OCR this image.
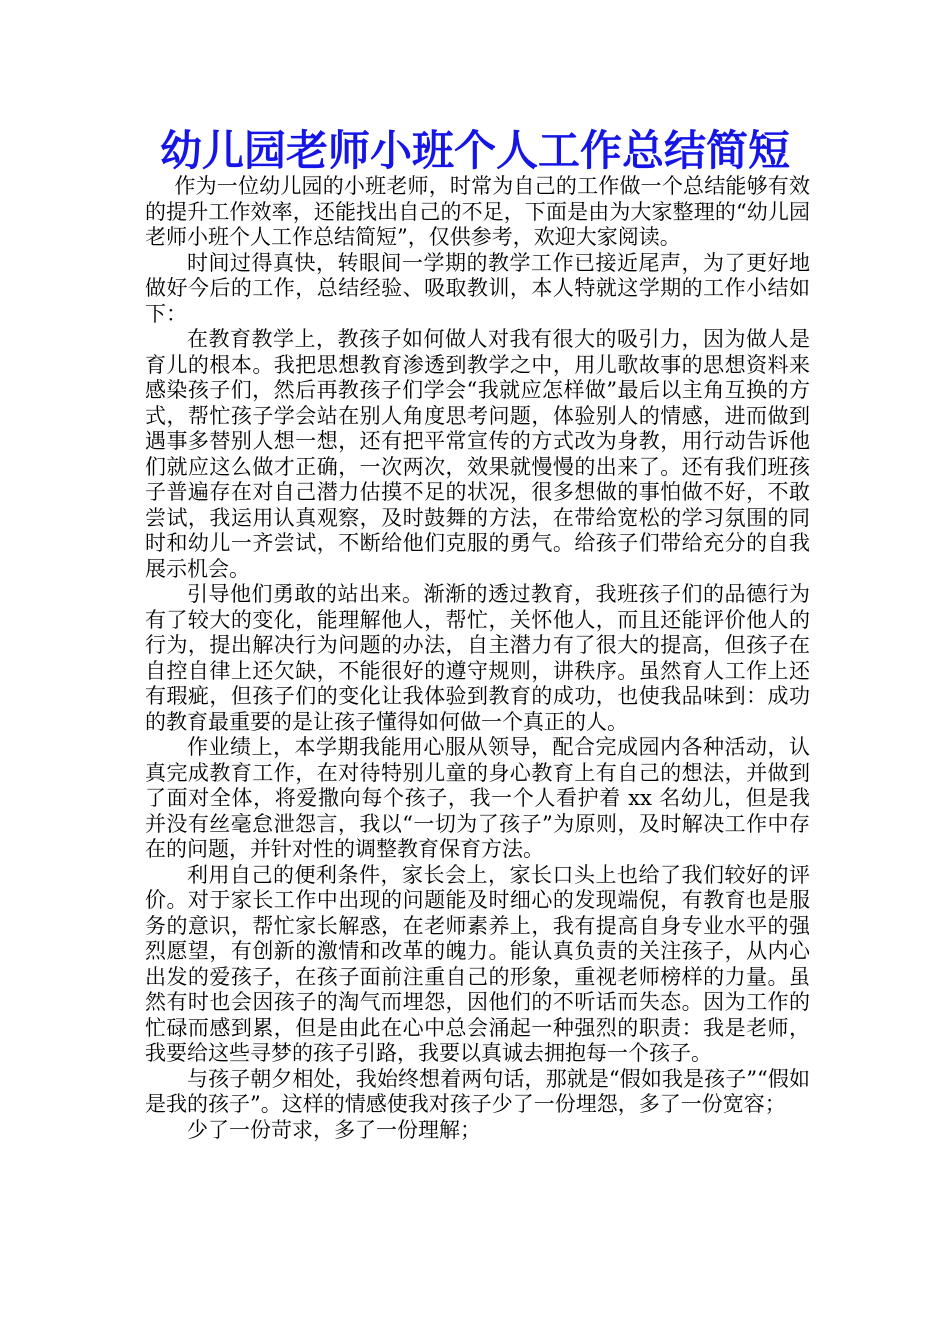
幼儿园老师小班个人工作总结简短

作为一位幼儿园的小班老师，时常为自己的工作做一个总结能够有效的提升工作效率，还能找出自己的不足，下面是由为大家整理的“幼儿园老师小班个人工作总结简短”，仅供参考，欢迎大家阅读。

时间过得真快，转眼间一学期的教学工作已接近尾声，为了更好地做好今后的工作，总结经验、吸取教训，本人特就这学期的工作小结如下：

在教育教学上，教孩子如何做人对我有很大的吸引力，因为做人是育儿的根本。我把思想教育渗透到教学之中，用儿歌故事的思想资料来感染孩子们，然后再教孩子们学会“我就应怎样做”最后以主角互换的方式，帮忙孩子学会站在别人角度思考问题，体验别人的情感，进而做到遇事多替别人想一想，还有把平常宣传的方式改为身教，用行动告诉他们就应这么做才正确，一次两次，效果就慢慢的出来了。还有我们班孩子普遍存在对自己潜力估摸不足的状况，很多想做的事怕做不好，不敢尝试，我运用认真观察，及时鼓舞的方法，在带给宽松的学习氛围的同时和幼儿一齐尝试，不断给他们克服的勇气。给孩子们带给充分的自我展示机会。

引导他们勇敢的站出来。渐渐的透过教育，我班孩子们的品德行为有了较大的变化，能理解他人，帮忙，关怀他人，而且还能评价他人的行为，提出解决行为问题的办法，自主潜力有了很大的提高，但孩子在自控自律上还欠缺，不能很好的遵守规则，讲秩序。虽然育人工作上还有瑕疵，但孩子们的变化让我体验到教育的成功，也使我品味到：成功的教育最重要的是让孩子懂得如何做一个真正的人。

作业绩上，本学期我能用心服从领导，配合完成园内各种活动，认真完成教育工作，在对待特别儿童的身心教育上有自己的想法，并做到了面对全体，将爱撒向每个孩子，我一个人看护着 xx 名幼儿，但是我并没有丝毫怠泄怨言，我以“一切为了孩子”为原则，及时解决工作中存在的问题，并针对性的调整教育保育方法。

利用自己的便利条件，家长会上，家长口头上也给了我们较好的评价。对于家长工作中出现的问题能及时细心的发现端倪，有教育也是服务的意识，帮忙家长解惑，在老师素养上，我有提高自身专业水平的强烈愿望，有创新的激情和改革的魄力。能认真负责的关注孩子，从内心出发的爱孩子，在孩子面前注重自己的形象，重视老师榜样的力量。虽然有时也会因孩子的淘气而埋怨，因他们的不听话而失态。因为工作的忙碌而感到累，但是由此在心中总会涌起一种强烈的职责：我是老师，我要给这些寻梦的孩子引路，我要以真诚去拥抱每一个孩子。

与孩子朝夕相处，我始终想着两句话，那就是“假如我是孩子”“假如是我的孩子”。这样的情感使我对孩子少了一份埋怨，多了一份宽容；

少了一份苛求，多了一份理解；
